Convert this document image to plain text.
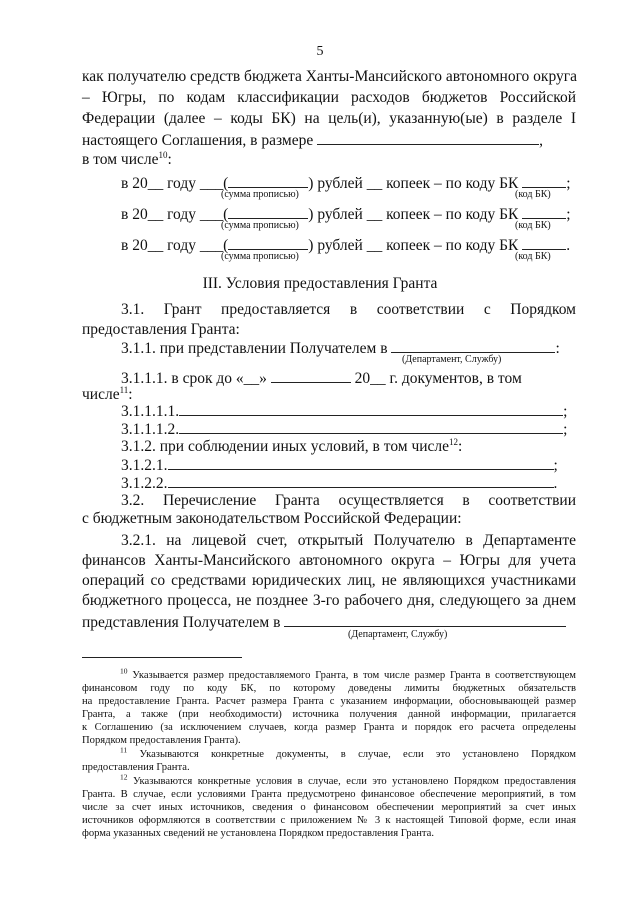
5
как получателю средств бюджета Ханты-Мансийского автономного округа
– Югры, по кодам классификации расходов бюджетов Российской
Федерации (далее – коды БК) на цель(и), указанную(ые) в разделе I
настоящего Соглашения, в размере	,
в том числе$^{10}$:
в 20__ году ___(	) рублей __ копеек – по коду БК	;
(сумма прописью)	(код БК)
в 20__ году ___(	) рублей __ копеек – по коду БК	;
(сумма прописью)	(код БК)
в 20__ году ___(	) рублей __ копеек – по коду БК	.
(сумма прописью)	(код БК)
III. Условия предоставления Гранта
3.1. Грант предоставляется в соответствии с Порядком
предоставления Гранта:
3.1.1. при представлении Получателем в	:
(Департамент, Службу)
3.1.1.1. в срок до «__»	20__ г. документов, в том
числе$^{11}$:
3.1.1.1.1.	;
3.1.1.1.2.	;
3.1.2. при соблюдении иных условий, в том числе$^{12}$:
3.1.2.1.	;
3.1.2.2.	.
3.2. Перечисление Гранта осуществляется в соответствии
с бюджетным законодательством Российской Федерации:
3.2.1. на лицевой счет, открытый Получателю в Департаменте
финансов Ханты-Мансийского автономного округа – Югры для учета
операций со средствами юридических лиц, не являющихся участниками
бюджетного процесса, не позднее 3-го рабочего дня, следующего за днем
представления Получателем в
(Департамент, Службу)
$^{10}$ Указывается размер предоставляемого Гранта, в том числе размер Гранта в соответствующем
финансовом году по коду БК, по которому доведены лимиты бюджетных обязательств
на предоставление Гранта. Расчет размера Гранта с указанием информации, обосновывающей размер
Гранта, а также (при необходимости) источника получения данной информации, прилагается
к Соглашению (за исключением случаев, когда размер Гранта и порядок его расчета определены
Порядком предоставления Гранта).
$^{11}$ Указываются конкретные документы, в случае, если это установлено Порядком
предоставления Гранта.
$^{12}$ Указываются конкретные условия в случае, если это установлено Порядком предоставления
Гранта. В случае, если условиями Гранта предусмотрено финансовое обеспечение мероприятий, в том
числе за счет иных источников, сведения о финансовом обеспечении мероприятий за счет иных
источников оформляются в соответствии с приложением № 3 к настоящей Типовой форме, если иная
форма указанных сведений не установлена Порядком предоставления Гранта.
